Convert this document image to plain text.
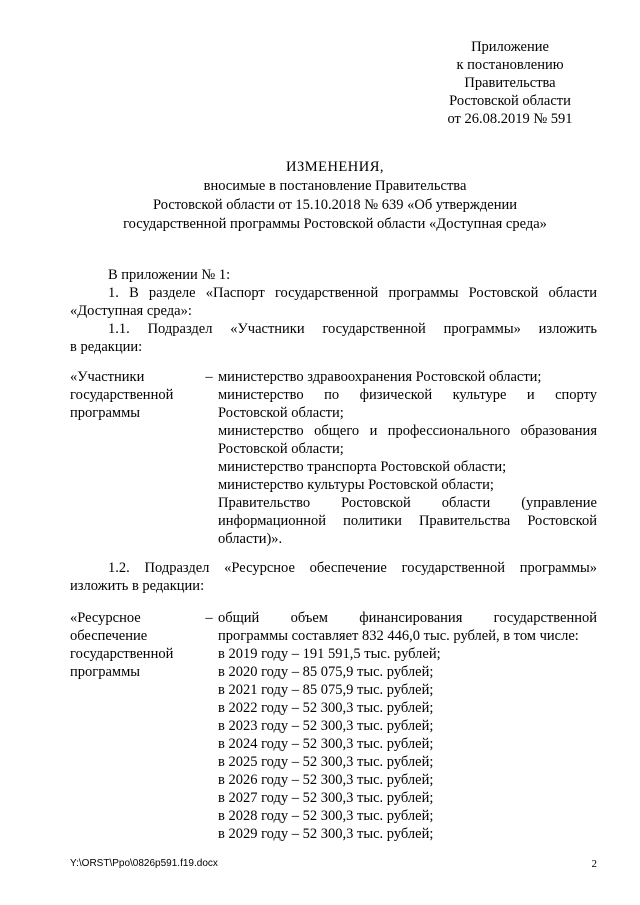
Приложение
к постановлению
Правительства
Ростовской области
от 26.08.2019 № 591
ИЗМЕНЕНИЯ,
вносимые в постановление Правительства
Ростовской области от 15.10.2018 № 639 «Об утверждении
государственной программы Ростовской области «Доступная среда»
В приложении № 1:
1. В разделе «Паспорт государственной программы Ростовской области
«Доступная среда»:
1.1. Подраздел «Участники государственной программы» изложить
в редакции:
«Участники
государственной
программы
– министерство здравоохранения Ростовской области;
министерство по физической культуре и спорту
Ростовской области;
министерство общего и профессионального образования
Ростовской области;
министерство транспорта Ростовской области;
министерство культуры Ростовской области;
Правительство Ростовской области (управление
информационной политики Правительства Ростовской
области)».
1.2. Подраздел «Ресурсное обеспечение государственной программы»
изложить в редакции:
«Ресурсное
обеспечение
государственной
программы
– общий объем финансирования государственной
программы составляет 832 446,0 тыс. рублей, в том числе:
в 2019 году – 191 591,5 тыс. рублей;
в 2020 году – 85 075,9 тыс. рублей;
в 2021 году – 85 075,9 тыс. рублей;
в 2022 году – 52 300,3 тыс. рублей;
в 2023 году – 52 300,3 тыс. рублей;
в 2024 году – 52 300,3 тыс. рублей;
в 2025 году – 52 300,3 тыс. рублей;
в 2026 году – 52 300,3 тыс. рублей;
в 2027 году – 52 300,3 тыс. рублей;
в 2028 году – 52 300,3 тыс. рублей;
в 2029 году – 52 300,3 тыс. рублей;
Y:\ORST\Ppo\0826p591.f19.docx	2
